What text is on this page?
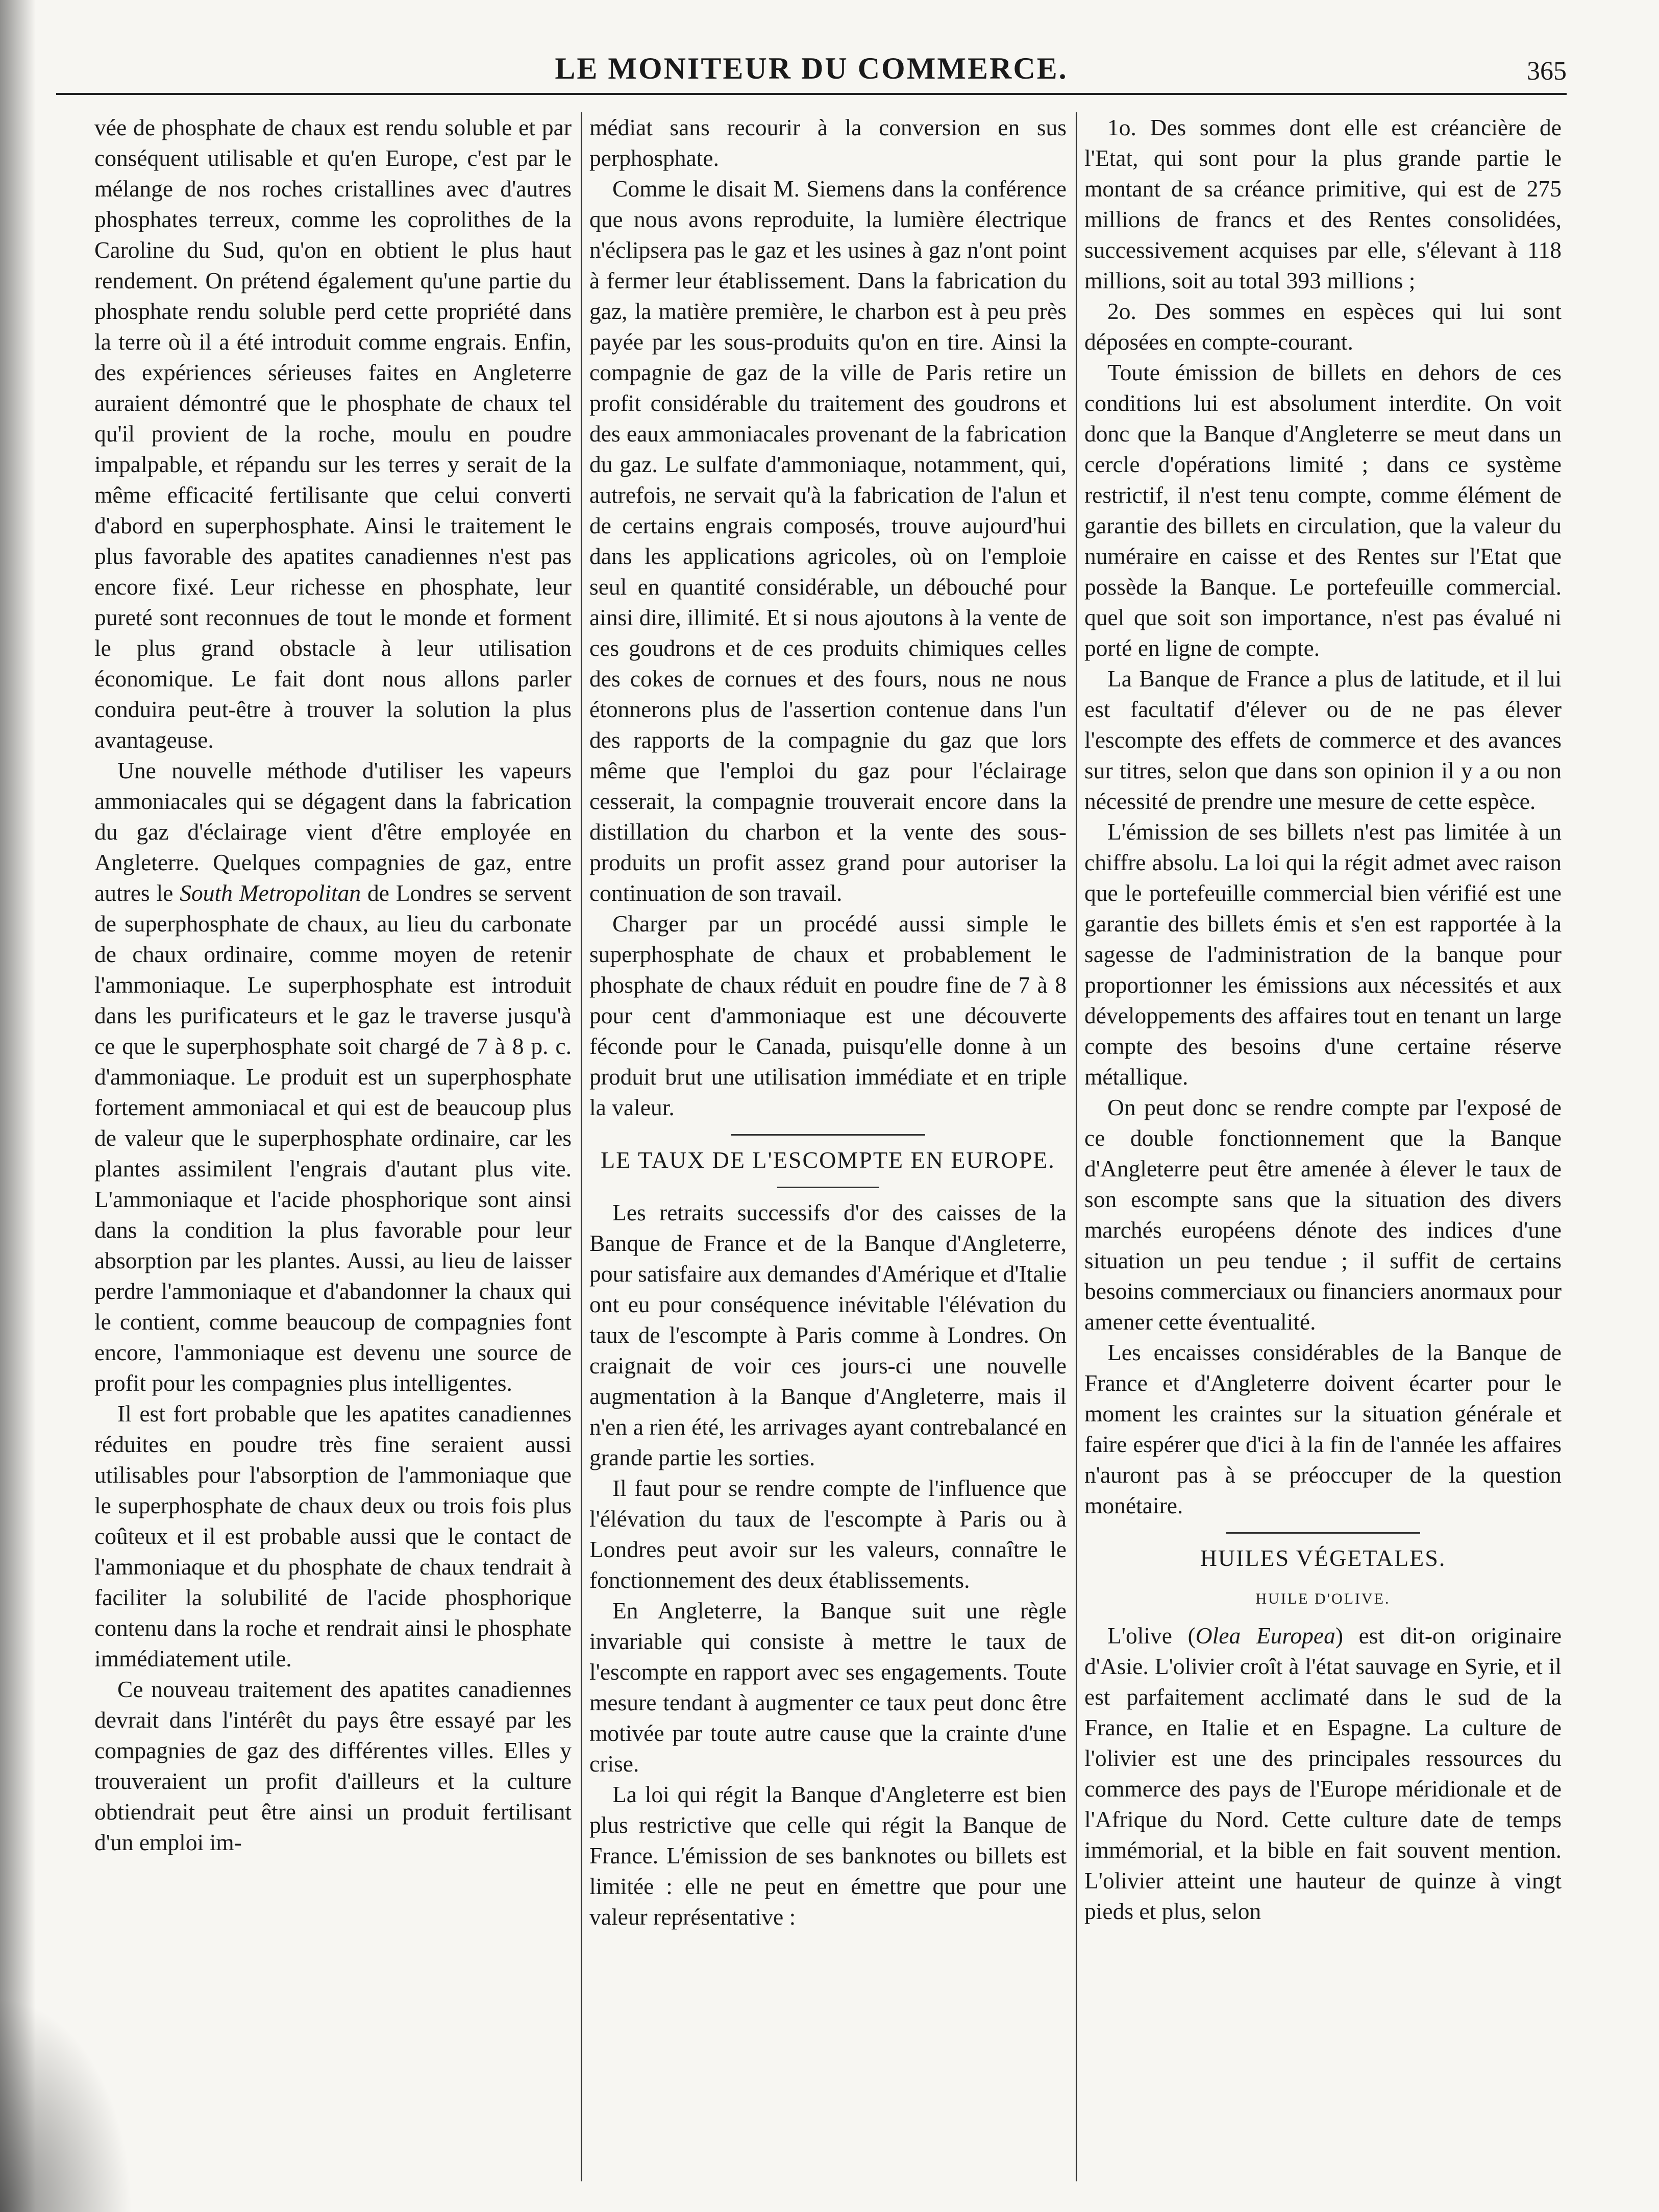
LE MONITEUR DU COMMERCE.	365

vée de phosphate de chaux est rendu soluble et par conséquent utilisable et qu'en Europe, c'est par le mélange de nos roches cristallines avec d'autres phosphates terreux, comme les coprolithes de la Caroline du Sud, qu'on en obtient le plus haut rendement. On prétend également qu'une partie du phosphate rendu soluble perd cette propriété dans la terre où il a été introduit comme engrais. Enfin, des expériences sérieuses faites en Angleterre auraient démontré que le phosphate de chaux tel qu'il provient de la roche, moulu en poudre impalpable, et répandu sur les terres y serait de la même efficacité fertilisante que celui converti d'abord en superphosphate. Ainsi le traitement le plus favorable des apatites canadiennes n'est pas encore fixé. Leur richesse en phosphate, leur pureté sont reconnues de tout le monde et forment le plus grand obstacle à leur utilisation économique. Le fait dont nous allons parler conduira peut-être à trouver la solution la plus avantageuse.

Une nouvelle méthode d'utiliser les vapeurs ammoniacales qui se dégagent dans la fabrication du gaz d'éclairage vient d'être employée en Angleterre. Quelques compagnies de gaz, entre autres le South Metropolitan de Londres se servent de superphosphate de chaux, au lieu du carbonate de chaux ordinaire, comme moyen de retenir l'ammoniaque. Le superphosphate est introduit dans les purificateurs et le gaz le traverse jusqu'à ce que le superphosphate soit chargé de 7 à 8 p. c. d'ammoniaque. Le produit est un superphosphate fortement ammoniacal et qui est de beaucoup plus de valeur que le superphosphate ordinaire, car les plantes assimilent l'engrais d'autant plus vite. L'ammoniaque et l'acide phosphorique sont ainsi dans la condition la plus favorable pour leur absorption par les plantes. Aussi, au lieu de laisser perdre l'ammoniaque et d'abandonner la chaux qui le contient, comme beaucoup de compagnies font encore, l'ammoniaque est devenu une source de profit pour les compagnies plus intelligentes.

Il est fort probable que les apatites canadiennes réduites en poudre très fine seraient aussi utilisables pour l'absorption de l'ammoniaque que le superphosphate de chaux deux ou trois fois plus coûteux et il est probable aussi que le contact de l'ammoniaque et du phosphate de chaux tendrait à faciliter la solubilité de l'acide phosphorique contenu dans la roche et rendrait ainsi le phosphate immédiatement utile.

Ce nouveau traitement des apatites canadiennes devrait dans l'intérêt du pays être essayé par les compagnies de gaz des différentes villes. Elles y trouveraient un profit d'ailleurs et la culture obtiendrait peut être ainsi un produit fertilisant d'un emploi im-

médiat sans recourir à la conversion en sus perphosphate.

Comme le disait M. Siemens dans la conférence que nous avons reproduite, la lumière électrique n'éclipsera pas le gaz et les usines à gaz n'ont point à fermer leur établissement. Dans la fabrication du gaz, la matière première, le charbon est à peu près payée par les sous-produits qu'on en tire. Ainsi la compagnie de gaz de la ville de Paris retire un profit considérable du traitement des goudrons et des eaux ammoniacales provenant de la fabrication du gaz. Le sulfate d'ammoniaque, notamment, qui, autrefois, ne servait qu'à la fabrication de l'alun et de certains engrais composés, trouve aujourd'hui dans les applications agricoles, où on l'emploie seul en quantité considérable, un débouché pour ainsi dire, illimité. Et si nous ajoutons à la vente de ces goudrons et de ces produits chimiques celles des cokes de cornues et des fours, nous ne nous étonnerons plus de l'assertion contenue dans l'un des rapports de la compagnie du gaz que lors même que l'emploi du gaz pour l'éclairage cesserait, la compagnie trouverait encore dans la distillation du charbon et la vente des sous-produits un profit assez grand pour autoriser la continuation de son travail.

Charger par un procédé aussi simple le superphosphate de chaux et probablement le phosphate de chaux réduit en poudre fine de 7 à 8 pour cent d'ammoniaque est une découverte féconde pour le Canada, puisqu'elle donne à un produit brut une utilisation immédiate et en triple la valeur.

LE TAUX DE L'ESCOMPTE EN EUROPE.

Les retraits successifs d'or des caisses de la Banque de France et de la Banque d'Angleterre, pour satisfaire aux demandes d'Amérique et d'Italie ont eu pour conséquence inévitable l'élévation du taux de l'escompte à Paris comme à Londres. On craignait de voir ces jours-ci une nouvelle augmentation à la Banque d'Angleterre, mais il n'en a rien été, les arrivages ayant contrebalancé en grande partie les sorties.

Il faut pour se rendre compte de l'influence que l'élévation du taux de l'escompte à Paris ou à Londres peut avoir sur les valeurs, connaître le fonctionnement des deux établissements.

En Angleterre, la Banque suit une règle invariable qui consiste à mettre le taux de l'escompte en rapport avec ses engagements. Toute mesure tendant à augmenter ce taux peut donc être motivée par toute autre cause que la crainte d'une crise.

La loi qui régit la Banque d'Angleterre est bien plus restrictive que celle qui régit la Banque de France. L'émission de ses banknotes ou billets est limitée : elle ne peut en émettre que pour une valeur représentative :

1o. Des sommes dont elle est créancière de l'Etat, qui sont pour la plus grande partie le montant de sa créance primitive, qui est de 275 millions de francs et des Rentes consolidées, successivement acquises par elle, s'élevant à 118 millions, soit au total 393 millions ;

2o. Des sommes en espèces qui lui sont déposées en compte-courant.

Toute émission de billets en dehors de ces conditions lui est absolument interdite. On voit donc que la Banque d'Angleterre se meut dans un cercle d'opérations limité ; dans ce système restrictif, il n'est tenu compte, comme élément de garantie des billets en circulation, que la valeur du numéraire en caisse et des Rentes sur l'Etat que possède la Banque. Le portefeuille commercial. quel que soit son importance, n'est pas évalué ni porté en ligne de compte.

La Banque de France a plus de latitude, et il lui est facultatif d'élever ou de ne pas élever l'escompte des effets de commerce et des avances sur titres, selon que dans son opinion il y a ou non nécessité de prendre une mesure de cette espèce.

L'émission de ses billets n'est pas limitée à un chiffre absolu. La loi qui la régit admet avec raison que le portefeuille commercial bien vérifié est une garantie des billets émis et s'en est rapportée à la sagesse de l'administration de la banque pour proportionner les émissions aux nécessités et aux développements des affaires tout en tenant un large compte des besoins d'une certaine réserve métallique.

On peut donc se rendre compte par l'exposé de ce double fonctionnement que la Banque d'Angleterre peut être amenée à élever le taux de son escompte sans que la situation des divers marchés européens dénote des indices d'une situation un peu tendue ; il suffit de certains besoins commerciaux ou financiers anormaux pour amener cette éventualité.

Les encaisses considérables de la Banque de France et d'Angleterre doivent écarter pour le moment les craintes sur la situation générale et faire espérer que d'ici à la fin de l'année les affaires n'auront pas à se préoccuper de la question monétaire.

HUILES VÉGETALES.
HUILE D'OLIVE.

L'olive (Olea Europea) est dit-on originaire d'Asie. L'olivier croît à l'état sauvage en Syrie, et il est parfaitement acclimaté dans le sud de la France, en Italie et en Espagne. La culture de l'olivier est une des principales ressources du commerce des pays de l'Europe méridionale et de l'Afrique du Nord. Cette culture date de temps immémorial, et la bible en fait souvent mention. L'olivier atteint une hauteur de quinze à vingt pieds et plus, selon
